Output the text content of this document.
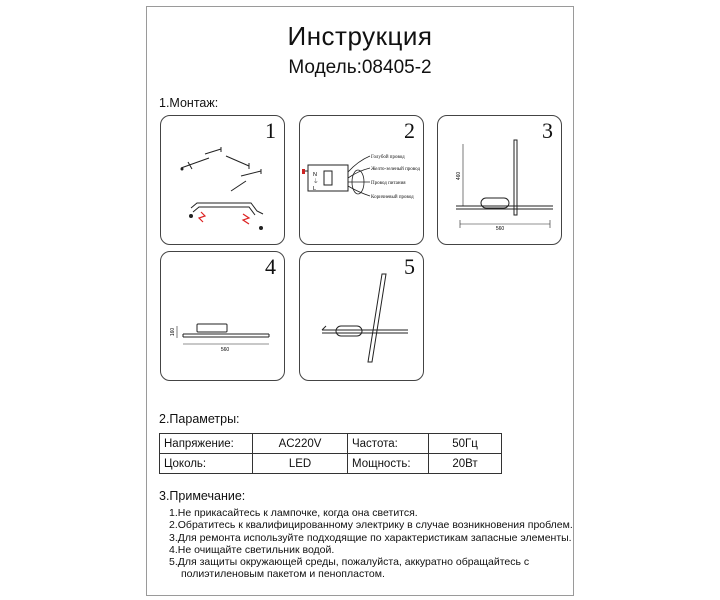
Инструкция
Модель:08405-2
1.Монтаж:
1	2
N
⏚
L
Голубой провод
Желто-зеленый провод
Провод питания
Коричневый провод
3
560
460
4
560
160
5
2.Параметры:
Напряжение:	AC220V	Частота:	50Гц
Цоколь:	LED	Мощность:	20Вт
3.Примечание:
1.Не прикасайтесь к лампочке, когда она светится.
2.Обратитесь к квалифицированному электрику в случае возникновения проблем.
3.Для ремонта используйте подходящие по характеристикам запасные элементы.
4.Не очищайте светильник водой.
5.Для защиты окружающей среды, пожалуйста, аккуратно обращайтесь с
полиэтиленовым пакетом и пенопластом.
